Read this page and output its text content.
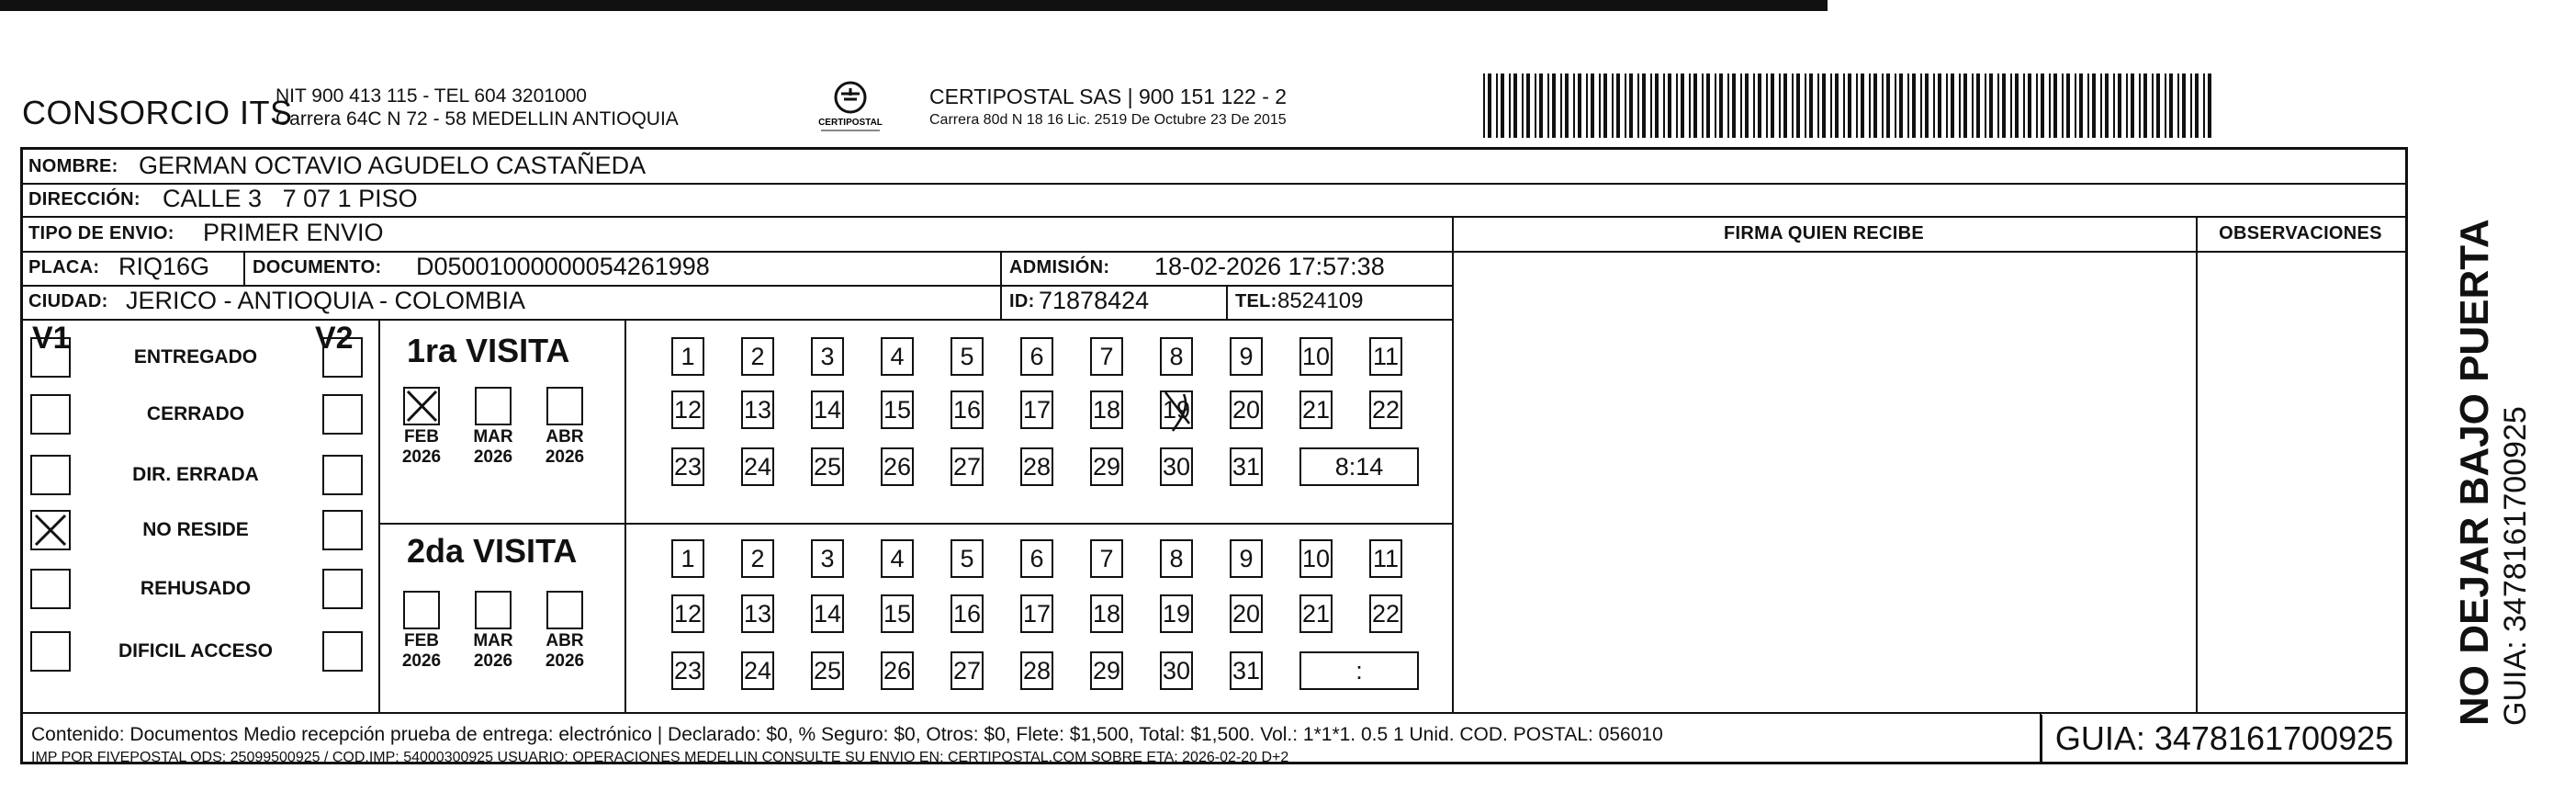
CONSORCIO ITS
NIT 900 413 115 - TEL 604 3201000
Carrera 64C N 72 - 58 MEDELLIN ANTIOQUIA	CERTIPOSTAL
CERTIPOSTAL SAS | 900 151 122 - 2
Carrera 80d N 18 16 Lic. 2519 De Octubre 23 De 2015
NOMBRE: GERMAN OCTAVIO AGUDELO CASTAÑEDA
DIRECCIÓN: CALLE 3   7 07 1 PISO
TIPO DE ENVIO: PRIMER ENVIO	FIRMA QUIEN RECIBE	OBSERVACIONES
PLACA: RIQ16G DOCUMENTO: D05001000000054261998	ADMISIÓN: 18-02-2026 17:57:38
CIUDAD: JERICO - ANTIOQUIA - COLOMBIA	ID: 71878424	TEL: 8524109
V1	V2
ENTREGADO
CERRADO
DIR. ERRADA
NO RESIDE
REHUSADO
DIFICIL ACCESO
1ra VISITA
2da VISITA
FEB
2026
MAR
2026
ABR
2026
1	2	3	4	5	6	7	8	9	10 11
12 13 14 15 16 17 18 19 20 21 22
23 24 25 26 27 28 29 30 31	8:14
FEB
2026
MAR
2026
ABR
2026
1	2	3	4	5	6	7	8	9	10 11
12 13 14 15 16 17 18 19 20 21 22
23 24 25 26 27 28 29 30 31	:
Contenido: Documentos Medio recepción prueba de entrega: electrónico | Declarado: $0, % Seguro: $0, Otros: $0, Flete: $1,500, Total: $1,500. Vol.: 1*1*1. 0.5 1 Unid. COD. POSTAL: 056010
IMP POR FIVEPOSTAL ODS: 25099500925 / COD.IMP: 54000300925 USUARIO: OPERACIONES MEDELLIN CONSULTE SU ENVIO EN: CERTIPOSTAL.COM SOBRE ETA: 2026-02-20 D+2
GUIA: 3478161700925
NO DEJAR BAJO PUERTA GUIA: 3478161700925
